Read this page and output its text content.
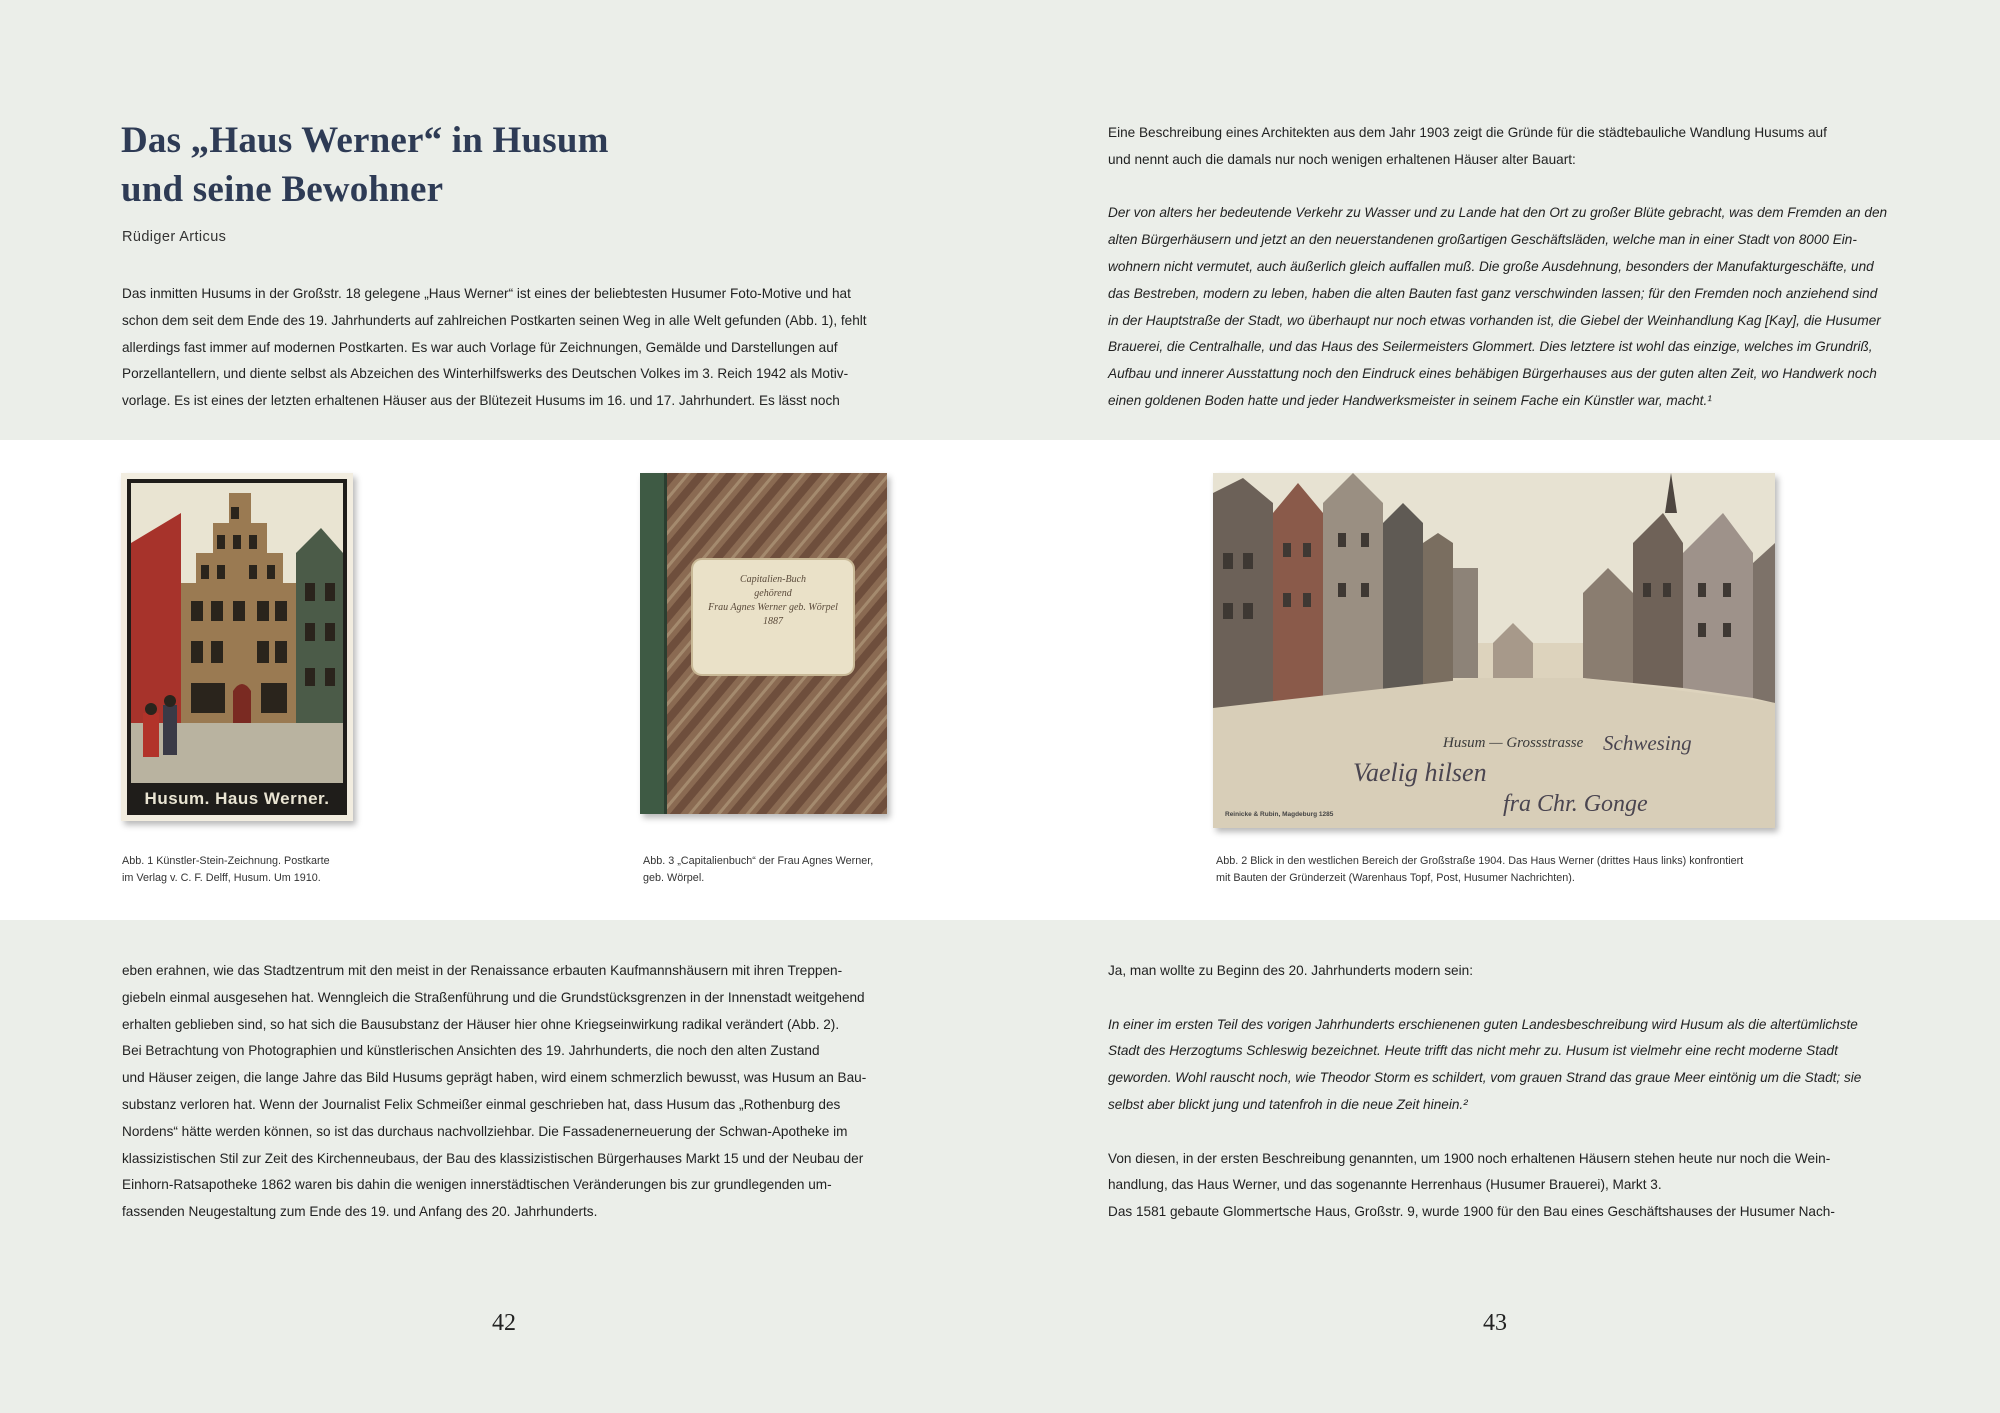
Das „Haus Werner“ in Husum
und seine Bewohner
Rüdiger Articus

Das inmitten Husums in der Großstr. 18 gelegene „Haus Werner“ ist eines der beliebtesten Husumer Foto-Motive und hat
schon dem seit dem Ende des 19. Jahrhunderts auf zahlreichen Postkarten seinen Weg in alle Welt gefunden (Abb. 1), fehlt
allerdings fast immer auf modernen Postkarten. Es war auch Vorlage für Zeichnungen, Gemälde und Darstellungen auf
Porzellantellern, und diente selbst als Abzeichen des Winterhilfswerks des Deutschen Volkes im 3. Reich 1942 als Motiv-
vorlage. Es ist eines der letzten erhaltenen Häuser aus der Blütezeit Husums im 16. und 17. Jahrhundert. Es lässt noch

eben erahnen, wie das Stadtzentrum mit den meist in der Renaissance erbauten Kaufmannshäusern mit ihren Treppen-
giebeln einmal ausgesehen hat. Wenngleich die Straßenführung und die Grundstücksgrenzen in der Innenstadt weitgehend
erhalten geblieben sind, so hat sich die Bausubstanz der Häuser hier ohne Kriegseinwirkung radikal verändert (Abb. 2).
Bei Betrachtung von Photographien und künstlerischen Ansichten des 19. Jahrhunderts, die noch den alten Zustand
und Häuser zeigen, die lange Jahre das Bild Husums geprägt haben, wird einem schmerzlich bewusst, was Husum an Bau-
substanz verloren hat. Wenn der Journalist Felix Schmeißer einmal geschrieben hat, dass Husum das „Rothenburg des
Nordens“ hätte werden können, so ist das durchaus nachvollziehbar. Die Fassadenerneuerung der Schwan-Apotheke im
klassizistischen Stil zur Zeit des Kirchenneubaus, der Bau des klassizistischen Bürgerhauses Markt 15 und der Neubau der
Einhorn-Ratsapotheke 1862 waren bis dahin die wenigen innerstädtischen Veränderungen bis zur grundlegenden um-
fassenden Neugestaltung zum Ende des 19. und Anfang des 20. Jahrhunderts.

42

Eine Beschreibung eines Architekten aus dem Jahr 1903 zeigt die Gründe für die städtebauliche Wandlung Husums auf
und nennt auch die damals nur noch wenigen erhaltenen Häuser alter Bauart:
Der von alters her bedeutende Verkehr zu Wasser und zu Lande hat den Ort zu großer Blüte gebracht, was dem Fremden an den
alten Bürgerhäusern und jetzt an den neuerstandenen großartigen Geschäftsläden, welche man in einer Stadt von 8000 Ein-
wohnern nicht vermutet, auch äußerlich gleich auffallen muß. Die große Ausdehnung, besonders der Manufakturgeschäfte, und
das Bestreben, modern zu leben, haben die alten Bauten fast ganz verschwinden lassen; für den Fremden noch anziehend sind
in der Hauptstraße der Stadt, wo überhaupt nur noch etwas vorhanden ist, die Giebel der Weinhandlung Kag [Kay], die Husumer
Brauerei, die Centralhalle, und das Haus des Seilermeisters Glommert. Dies letztere ist wohl das einzige, welches im Grundriß,
Aufbau und innerer Ausstattung noch den Eindruck eines behäbigen Bürgerhauses aus der guten alten Zeit, wo Handwerk noch
einen goldenen Boden hatte und jeder Handwerksmeister in seinem Fache ein Künstler war, macht.¹

Ja, man wollte zu Beginn des 20. Jahrhunderts modern sein:
In einer im ersten Teil des vorigen Jahrhunderts erschienenen guten Landesbeschreibung wird Husum als die altertümlichste
Stadt des Herzogtums Schleswig bezeichnet. Heute trifft das nicht mehr zu. Husum ist vielmehr eine recht moderne Stadt
geworden. Wohl rauscht noch, wie Theodor Storm es schildert, vom grauen Strand das graue Meer eintönig um die Stadt; sie
selbst aber blickt jung und tatenfroh in die neue Zeit hinein.²
Von diesen, in der ersten Beschreibung genannten, um 1900 noch erhaltenen Häusern stehen heute nur noch die Wein-
handlung, das Haus Werner, und das sogenannte Herrenhaus (Husumer Brauerei), Markt 3.
Das 1581 gebaute Glommertsche Haus, Großstr. 9, wurde 1900 für den Bau eines Geschäftshauses der Husumer Nach-

43
Husum. Haus Werner.
Abb. 1 Künstler-Stein-Zeichnung. Postkarte
im Verlag v. C. F. Delff, Husum. Um 1910.
Capitalien-Buch
gehörend
Frau Agnes Werner geb. Wörpel
1887
Abb. 3 „Capitalienbuch“ der Frau Agnes Werner,
geb. Wörpel.
Husum — Grossstrasse Schwesing
Vaelig hilsen
fra Chr. Gonge
Reinicke & Rubin, Magdeburg 1285
Abb. 2 Blick in den westlichen Bereich der Großstraße 1904. Das Haus Werner (drittes Haus links) konfrontiert
mit Bauten der Gründerzeit (Warenhaus Topf, Post, Husumer Nachrichten).
